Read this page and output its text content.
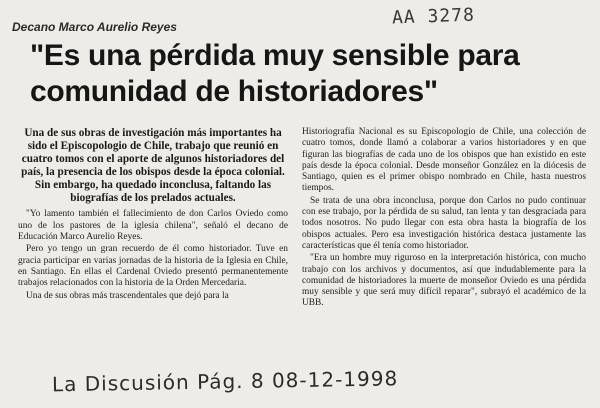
AA 3278
Decano Marco Aurelio Reyes
"Es una pérdida muy sensible para comunidad de historiadores"

Una de sus obras de investigación más importantes ha sido el Episcopologio de Chile, trabajo que reunió en cuatro tomos con el aporte de algunos historiadores del país, la presencia de los obispos desde la época colonial. Sin embargo, ha quedado inconclusa, faltando las biografías de los prelados actuales.

"Yo lamento también el fallecimiento de don Carlos Oviedo como uno de los pastores de la iglesia chilena", señaló el decano de Educación Marco Aurelio Reyes.

Pero yo tengo un gran recuerdo de él como historiador. Tuve en gracia participar en varias jornadas de la historia de la Iglesia en Chile, en Santiago. En ellas el Cardenal Oviedo presentó permanentemente trabajos relacionados con la historia de la Orden Mercedaria.

Una de sus obras más trascendentales que dejó para la

Historiografía Nacional es su Episcopologio de Chile, una colección de cuatro tomos, donde llamó a colaborar a varios historiadores y en que figuran las biografías de cada uno de los obispos que han existido en este país desde la época colonial. Desde monseñor González en la diócesis de Santiago, quien es el primer obispo nombrado en Chile, hasta nuestros tiempos.

Se trata de una obra inconclusa, porque don Carlos no pudo continuar con ese trabajo, por la pérdida de su salud, tan lenta y tan desgraciada para todos nosotros. No pudo llegar con esta obra hasta la biografía de los obispos actuales. Pero esa investigación histórica destaca justamente las características que él tenía como historiador.

"Era un hombre muy riguroso en la interpretación histórica, con mucho trabajo con los archivos y documentos, así que indudablemente para la comunidad de historiadores la muerte de monseñor Oviedo es una pérdida muy sensible y que será muy difícil reparar", subrayó el académico de la UBB.

La Discusión Pág. 8 08-12-1998
